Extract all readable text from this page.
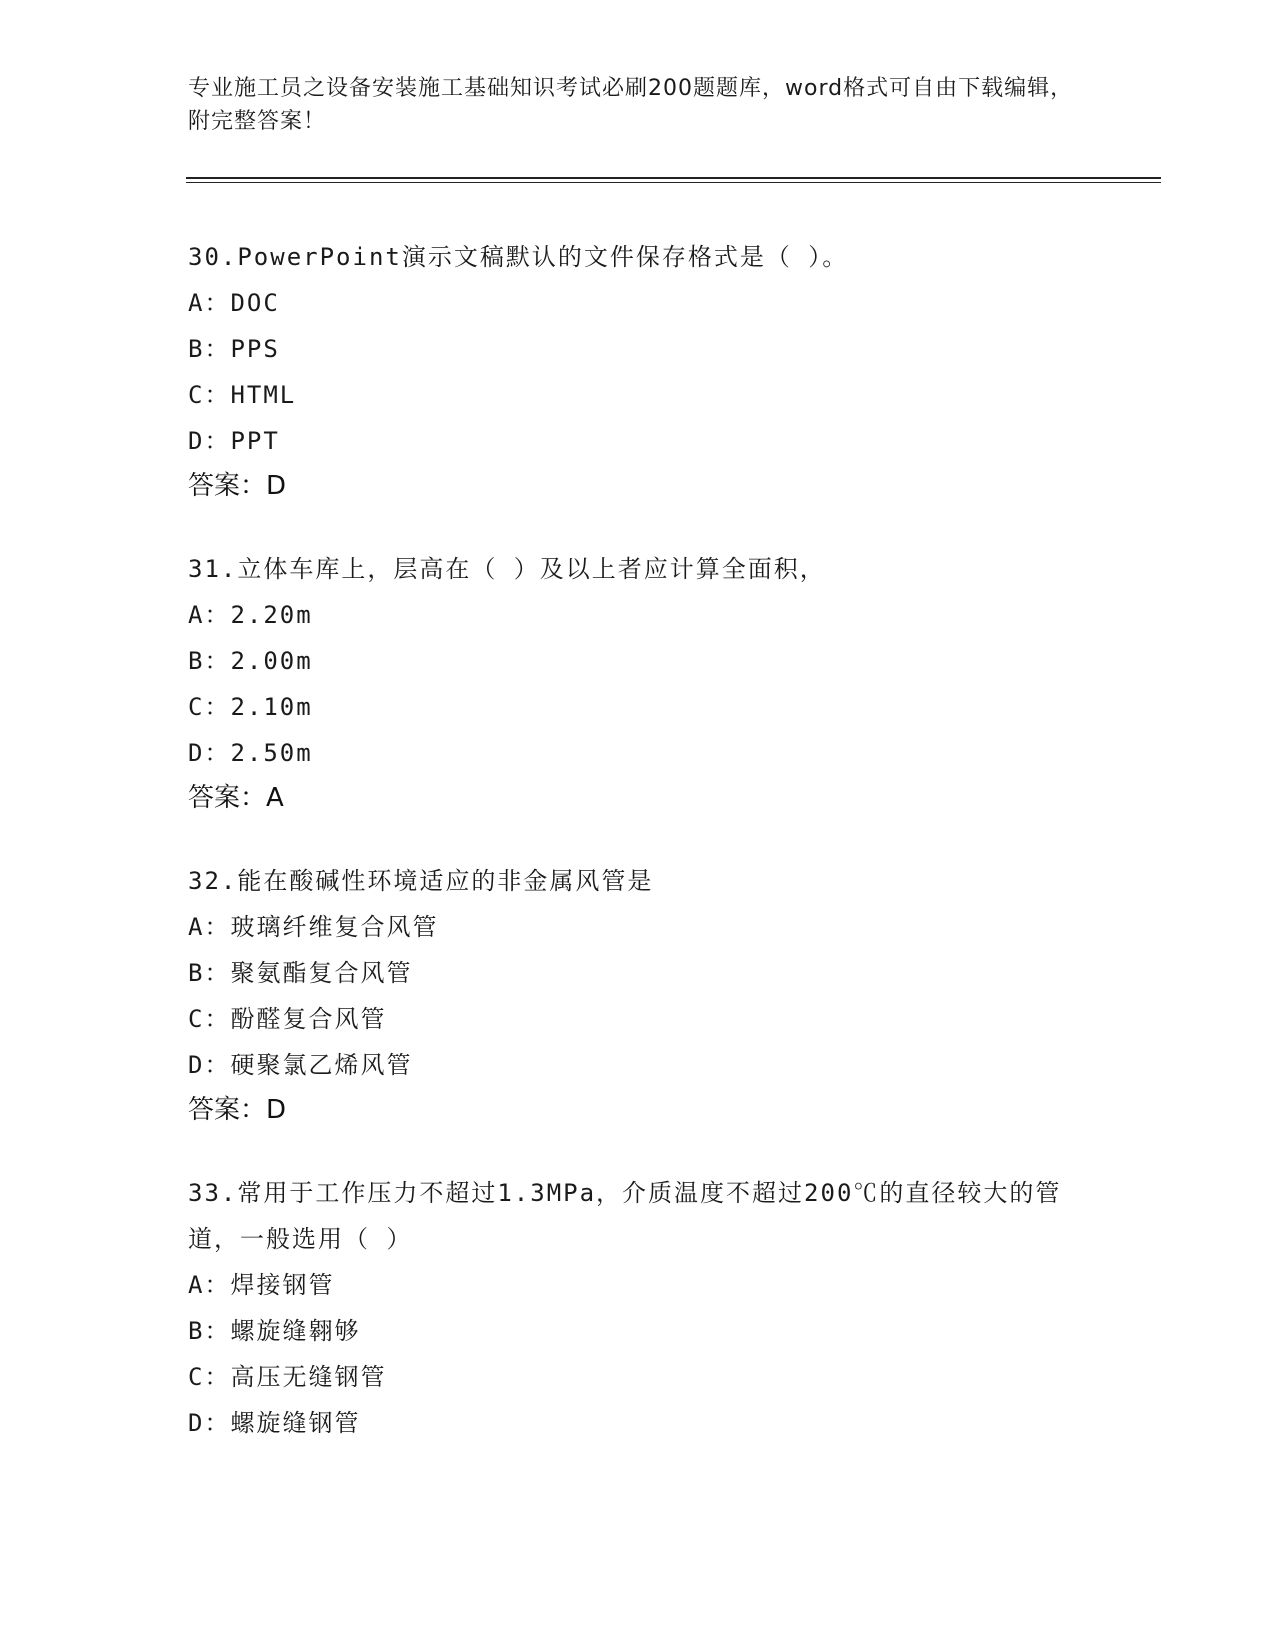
专业施工员之设备安装施工基础知识考试必刷200题题库，word格式可自由下载编辑，附完整答案！
30.PowerPoint演示文稿默认的文件保存格式是（ ）。
A：DOC
B：PPS
C：HTML
D：PPT
答案：D
31.立体车库上，层高在（ ）及以上者应计算全面积，
A：2.20m
B：2.00m
C：2.10m
D：2.50m
答案：A
32.能在酸碱性环境适应的非金属风管是
A：玻璃纤维复合风管
B：聚氨酯复合风管
C：酚醛复合风管
D：硬聚氯乙烯风管
答案：D
33.常用于工作压力不超过1.3MPa，介质温度不超过200℃的直径较大的管道，一般选用（ ）
A：焊接钢管
B：螺旋缝翱够
C：高压无缝钢管
D：螺旋缝钢管
